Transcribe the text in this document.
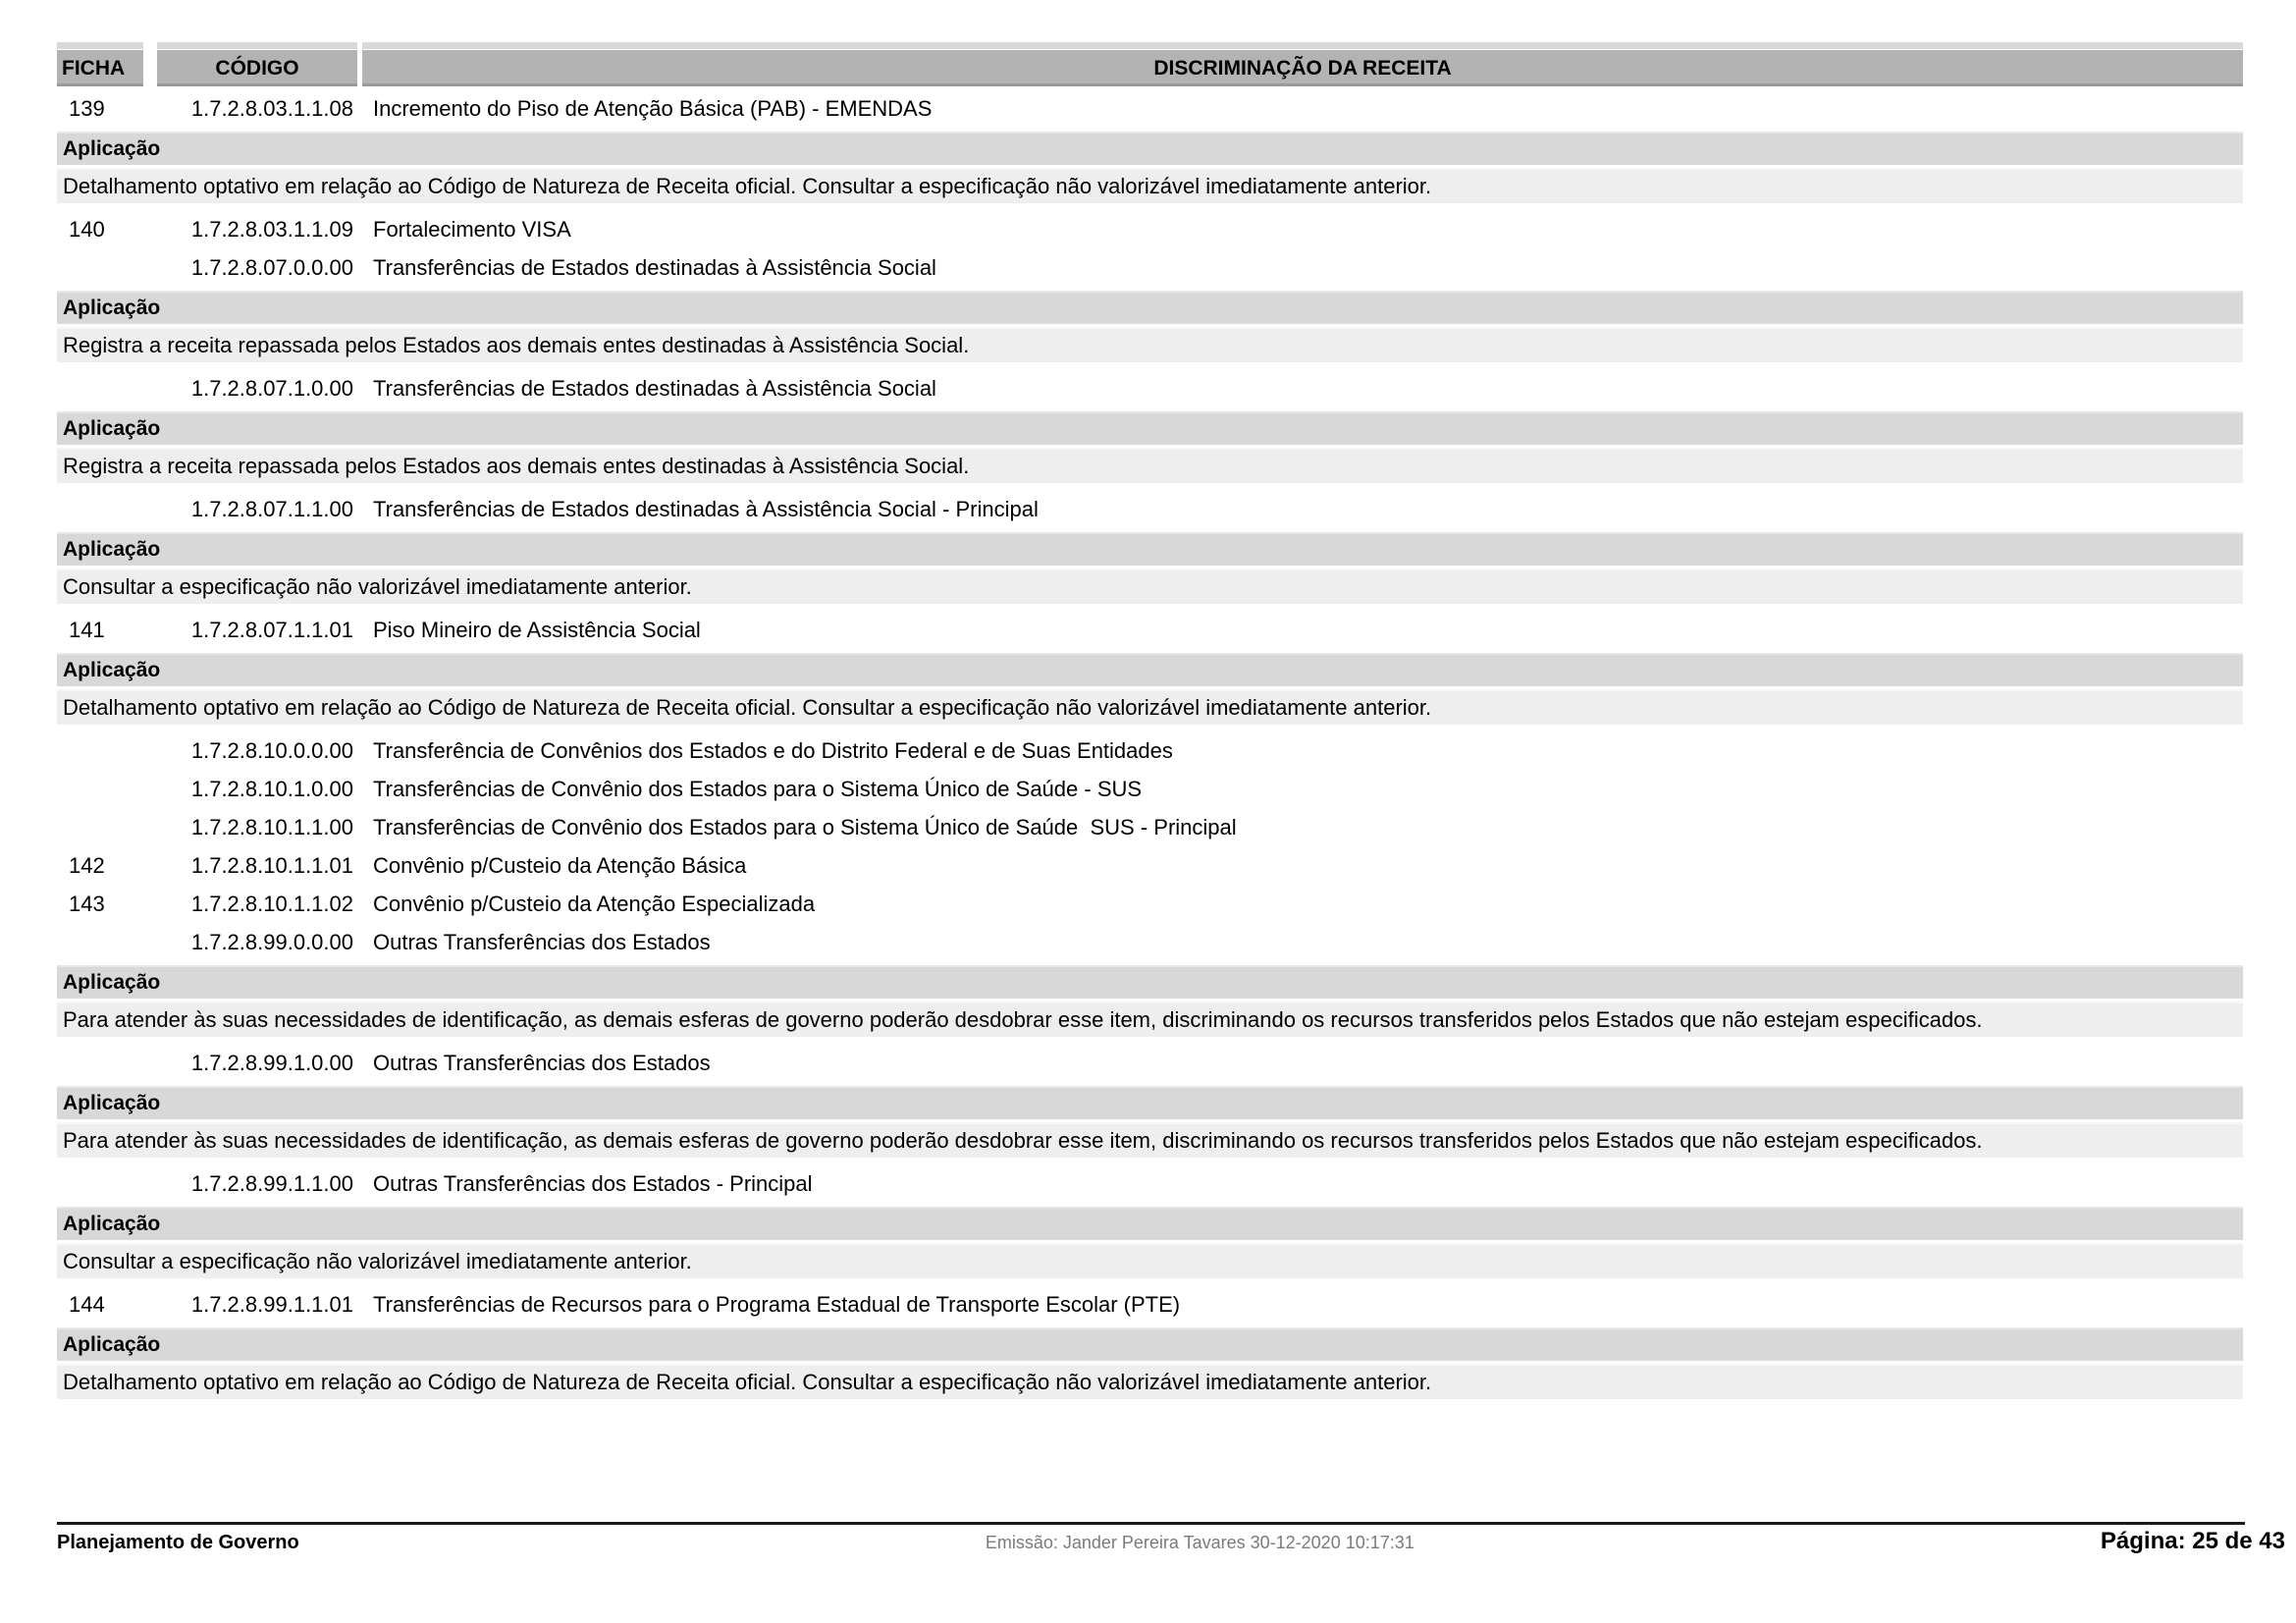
FICHA	CÓDIGO	DISCRIMINAÇÃO DA RECEITA
139	1.7.2.8.03.1.1.08 Incremento do Piso de Atenção Básica (PAB) - EMENDAS
Aplicação
Detalhamento optativo em relação ao Código de Natureza de Receita oficial. Consultar a especificação não valorizável imediatamente anterior.
140	1.7.2.8.03.1.1.09 Fortalecimento VISA
1.7.2.8.07.0.0.00 Transferências de Estados destinadas à Assistência Social
Aplicação
Registra a receita repassada pelos Estados aos demais entes destinadas à Assistência Social.
1.7.2.8.07.1.0.00 Transferências de Estados destinadas à Assistência Social
Aplicação
Registra a receita repassada pelos Estados aos demais entes destinadas à Assistência Social.
1.7.2.8.07.1.1.00 Transferências de Estados destinadas à Assistência Social - Principal
Aplicação
Consultar a especificação não valorizável imediatamente anterior.
141	1.7.2.8.07.1.1.01 Piso Mineiro de Assistência Social
Aplicação
Detalhamento optativo em relação ao Código de Natureza de Receita oficial. Consultar a especificação não valorizável imediatamente anterior.
1.7.2.8.10.0.0.00 Transferência de Convênios dos Estados e do Distrito Federal e de Suas Entidades
1.7.2.8.10.1.0.00 Transferências de Convênio dos Estados para o Sistema Único de Saúde - SUS
1.7.2.8.10.1.1.00 Transferências de Convênio dos Estados para o Sistema Único de Saúde  SUS - Principal
142	1.7.2.8.10.1.1.01 Convênio p/Custeio da Atenção Básica
143	1.7.2.8.10.1.1.02 Convênio p/Custeio da Atenção Especializada
1.7.2.8.99.0.0.00 Outras Transferências dos Estados
Aplicação
Para atender às suas necessidades de identificação, as demais esferas de governo poderão desdobrar esse item, discriminando os recursos transferidos pelos Estados que não estejam especificados.
1.7.2.8.99.1.0.00 Outras Transferências dos Estados
Aplicação
Para atender às suas necessidades de identificação, as demais esferas de governo poderão desdobrar esse item, discriminando os recursos transferidos pelos Estados que não estejam especificados.
1.7.2.8.99.1.1.00 Outras Transferências dos Estados - Principal
Aplicação
Consultar a especificação não valorizável imediatamente anterior.
144	1.7.2.8.99.1.1.01 Transferências de Recursos para o Programa Estadual de Transporte Escolar (PTE)
Aplicação
Detalhamento optativo em relação ao Código de Natureza de Receita oficial. Consultar a especificação não valorizável imediatamente anterior.
Planejamento de Governo	Emissão: Jander Pereira Tavares 30-12-2020 10:17:31	Página: 25 de 43
